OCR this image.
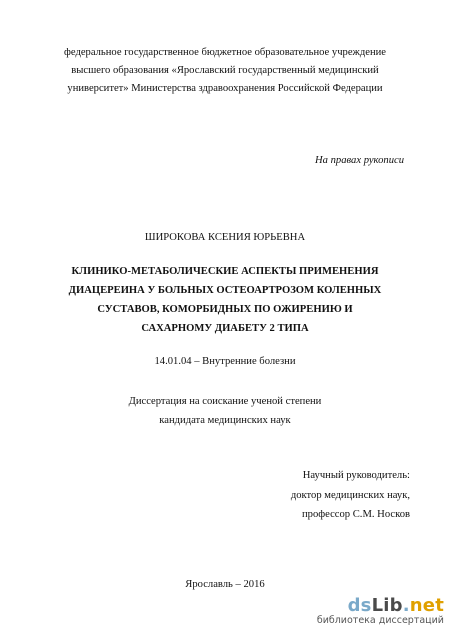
федеральное государственное бюджетное образовательное учреждение
высшего образования «Ярославский государственный медицинский
университет» Министерства здравоохранения Российской Федерации
На правах рукописи
ШИРОКОВА КСЕНИЯ ЮРЬЕВНА
КЛИНИКО-МЕТАБОЛИЧЕСКИЕ АСПЕКТЫ ПРИМЕНЕНИЯ
ДИАЦЕРЕИНА У БОЛЬНЫХ ОСТЕОАРТРОЗОМ КОЛЕННЫХ
СУСТАВОВ, КОМОРБИДНЫХ ПО ОЖИРЕНИЮ И
САХАРНОМУ ДИАБЕТУ 2 ТИПА
14.01.04 – Внутренние болезни
Диссертация на соискание ученой степени
кандидата медицинских наук
Научный руководитель:
доктор медицинских наук,
профессор С.М. Носков
Ярославль – 2016
dsLib.net
библиотека диссертаций
